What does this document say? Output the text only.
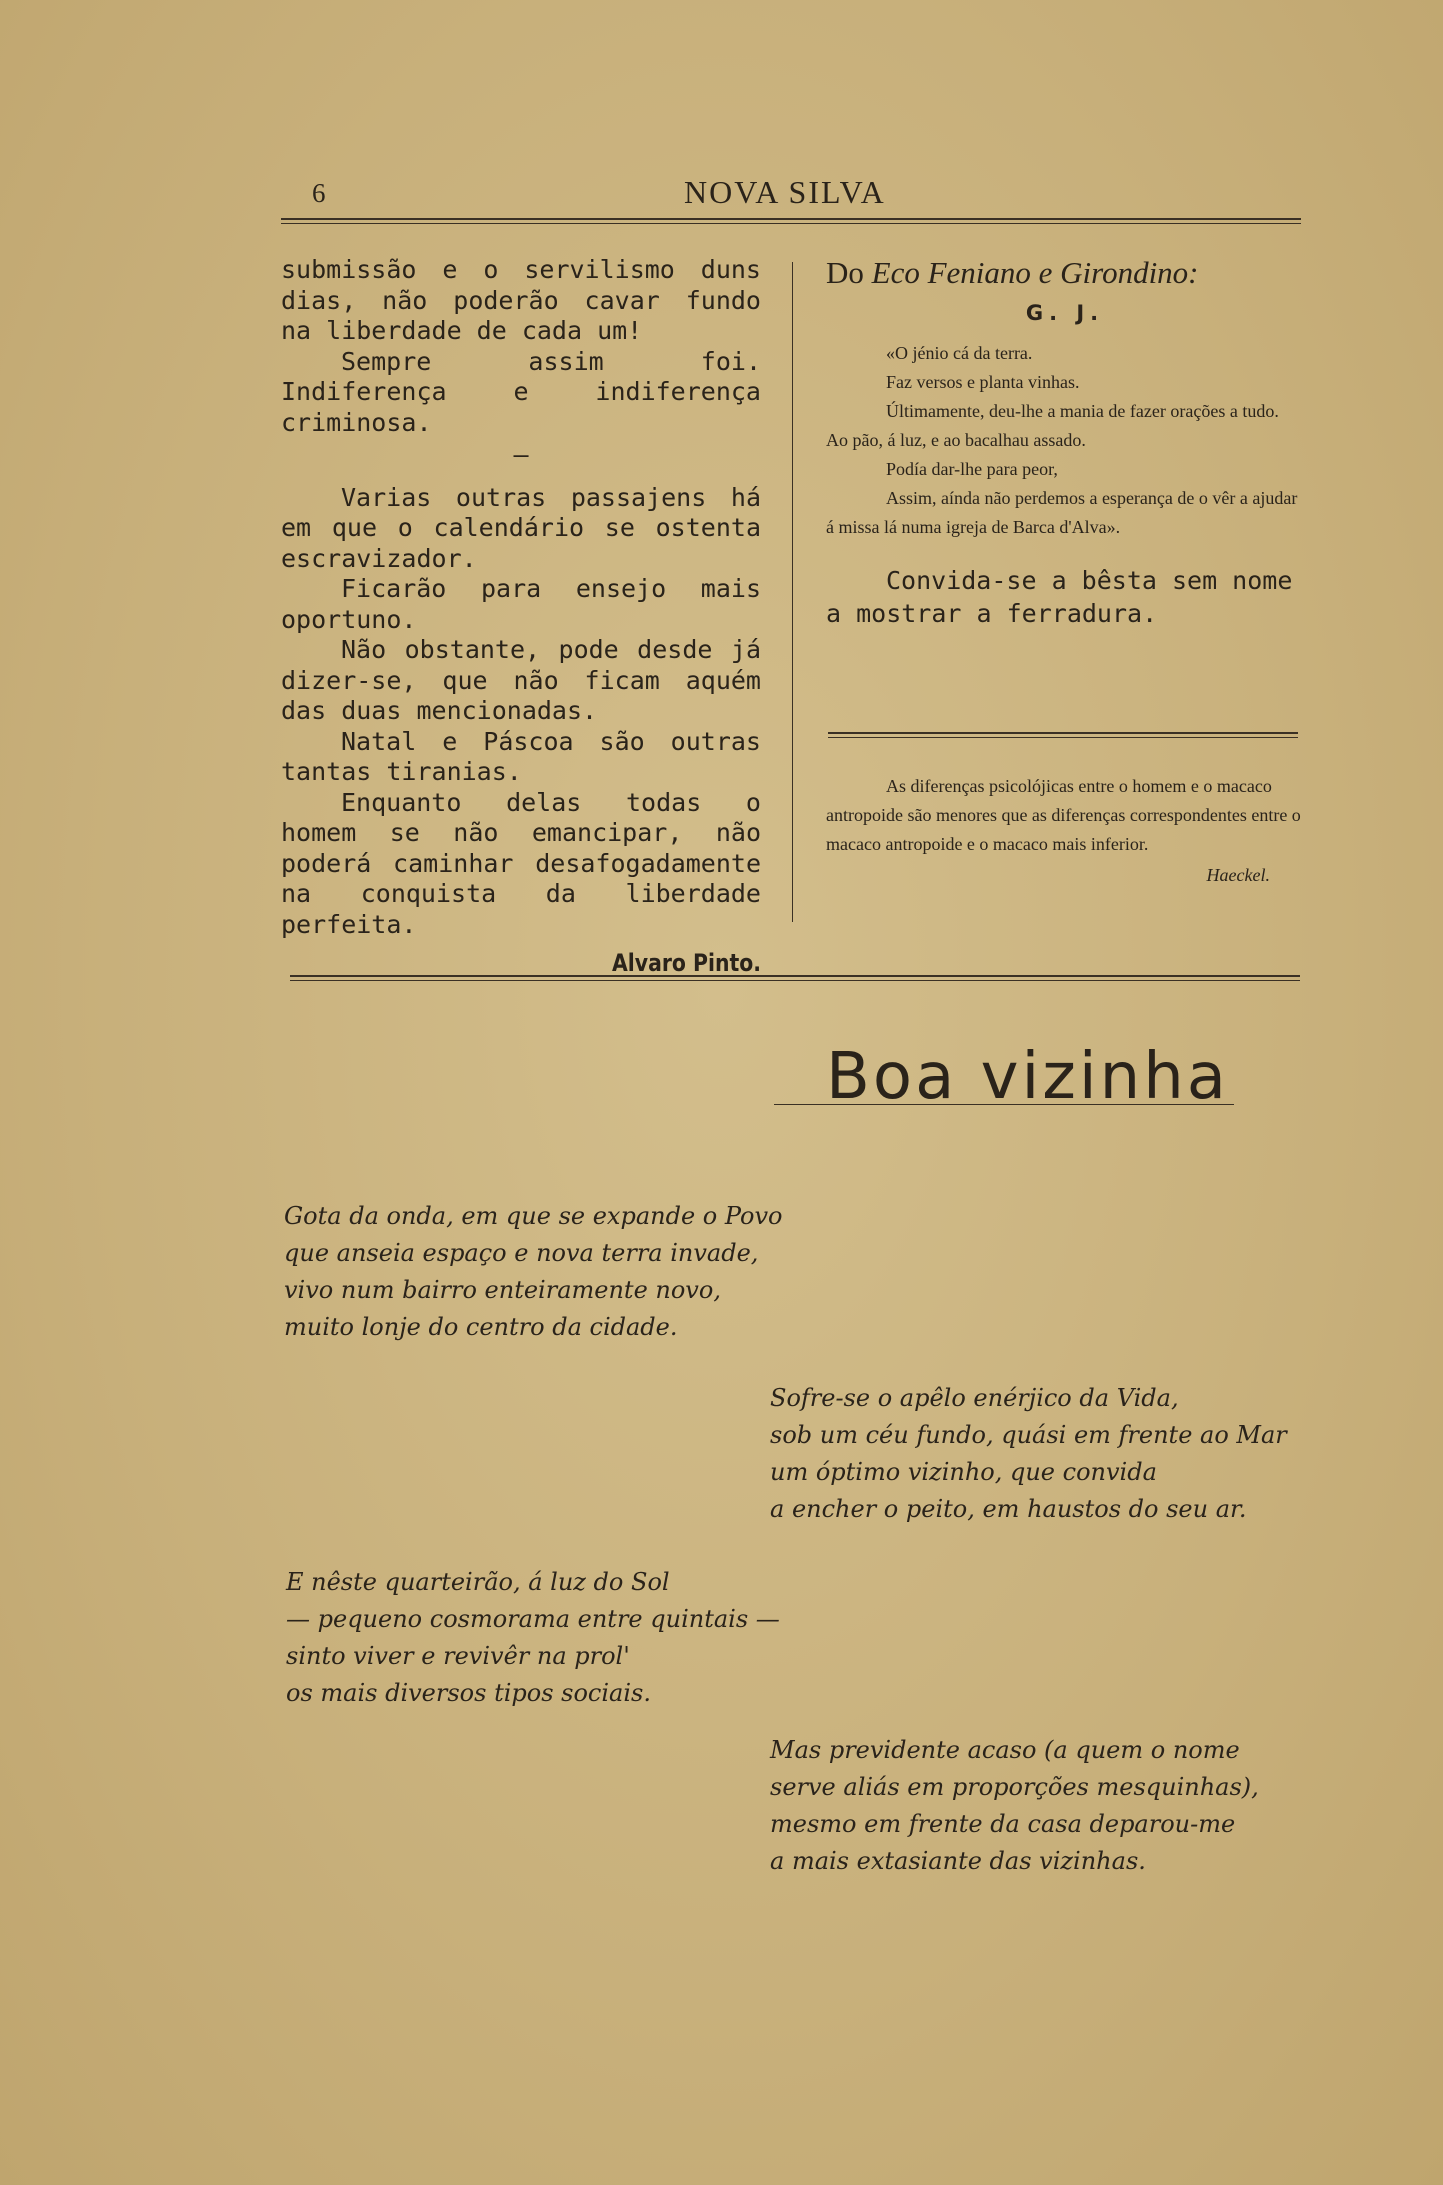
6	NOVA SILVA

submissão e o servilismo duns dias, não poderão cavar fundo na liberdade de cada um!

Sempre assim foi. Indiferença e indiferença criminosa.

—

Varias outras passajens há em que o calendário se ostenta escravizador.

Ficarão para ensejo mais oportuno.

Não obstante, pode desde já dizer-se, que não ficam aquém das duas mencionadas.

Natal e Páscoa são outras tantas tiranias.

Enquanto delas todas o homem se não emancipar, não poderá caminhar desafogadamente na conquista da liberdade perfeita.

Alvaro Pinto.
Do Eco Feniano e Girondino:
G. J.

«O jénio cá da terra.

Faz versos e planta vinhas.

Últimamente, deu-lhe a mania de fazer orações a tudo. Ao pão, á luz, e ao bacalhau assado.

Podía dar-lhe para peor,

Assim, aínda não perdemos a esperança de o vêr a ajudar á missa lá numa igreja de Barca d'Alva».

Convida-se a bêsta sem nome a mostrar a ferradura.

As diferenças psicolójicas entre o homem e o macaco antropoide são menores que as diferenças correspondentes entre o macaco antropoide e o macaco mais inferior.

Haeckel.

Boa vizinha

Gota da onda, em que se expande o Povo

que anseia espaço e nova terra invade,

vivo num bairro enteiramente novo,

muito lonje do centro da cidade.

Sofre-se o apêlo enérjico da Vida,

sob um céu fundo, quási em frente ao Mar

um óptimo vizinho, que convida

a encher o peito, em haustos do seu ar.

E nêste quarteirão, á luz do Sol

— pequeno cosmorama entre quintais —

sinto viver e revivêr na prol'

os mais diversos tipos sociais.

Mas previdente acaso (a quem o nome

serve aliás em proporções mesquinhas),

mesmo em frente da casa deparou-me

a mais extasiante das vizinhas.
